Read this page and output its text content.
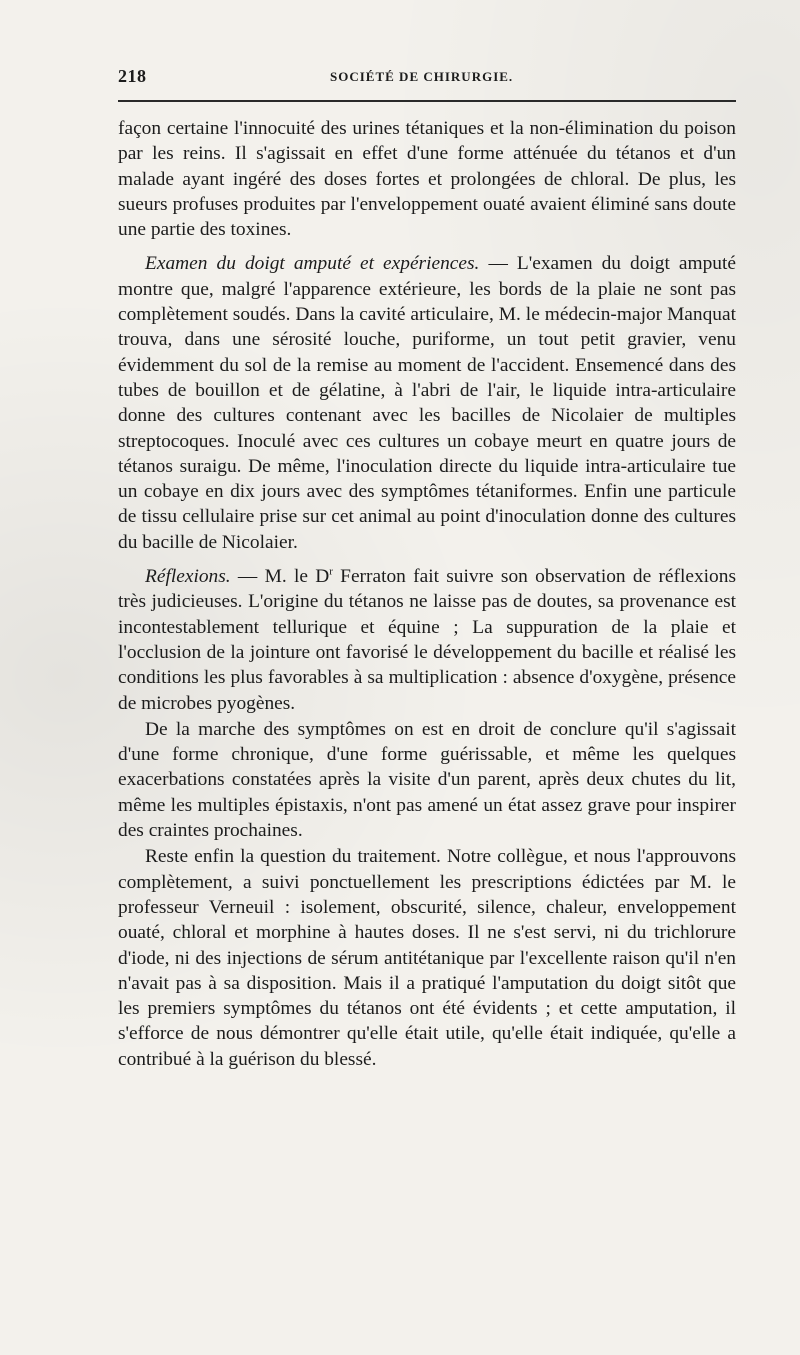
218	SOCIÉTÉ DE CHIRURGIE.

façon certaine l'innocuité des urines tétaniques et la non-élimination du poison par les reins. Il s'agissait en effet d'une forme atténuée du tétanos et d'un malade ayant ingéré des doses fortes et prolongées de chloral. De plus, les sueurs profuses produites par l'enveloppement ouaté avaient éliminé sans doute une partie des toxines.

Examen du doigt amputé et expériences. — L'examen du doigt amputé montre que, malgré l'apparence extérieure, les bords de la plaie ne sont pas complètement soudés. Dans la cavité articulaire, M. le médecin-major Manquat trouva, dans une sérosité louche, puriforme, un tout petit gravier, venu évidemment du sol de la remise au moment de l'accident. Ensemencé dans des tubes de bouillon et de gélatine, à l'abri de l'air, le liquide intra-articulaire donne des cultures contenant avec les bacilles de Nicolaier de multiples streptocoques. Inoculé avec ces cultures un cobaye meurt en quatre jours de tétanos suraigu. De même, l'inoculation directe du liquide intra-articulaire tue un cobaye en dix jours avec des symptômes tétaniformes. Enfin une particule de tissu cellulaire prise sur cet animal au point d'inoculation donne des cultures du bacille de Nicolaier.

Réflexions. — M. le $D^r$ Ferraton fait suivre son observation de réflexions très judicieuses. L'origine du tétanos ne laisse pas de doutes, sa provenance est incontestablement tellurique et équine ; La suppuration de la plaie et l'occlusion de la jointure ont favorisé le développement du bacille et réalisé les conditions les plus favorables à sa multiplication : absence d'oxygène, présence de microbes pyogènes.

De la marche des symptômes on est en droit de conclure qu'il s'agissait d'une forme chronique, d'une forme guérissable, et même les quelques exacerbations constatées après la visite d'un parent, après deux chutes du lit, même les multiples épistaxis, n'ont pas amené un état assez grave pour inspirer des craintes prochaines.

Reste enfin la question du traitement. Notre collègue, et nous l'approuvons complètement, a suivi ponctuellement les prescriptions édictées par M. le professeur Verneuil : isolement, obscurité, silence, chaleur, enveloppement ouaté, chloral et morphine à hautes doses. Il ne s'est servi, ni du trichlorure d'iode, ni des injections de sérum antitétanique par l'excellente raison qu'il n'en n'avait pas à sa disposition. Mais il a pratiqué l'amputation du doigt sitôt que les premiers symptômes du tétanos ont été évidents ; et cette amputation, il s'efforce de nous démontrer qu'elle était utile, qu'elle était indiquée, qu'elle a contribué à la guérison du blessé.
